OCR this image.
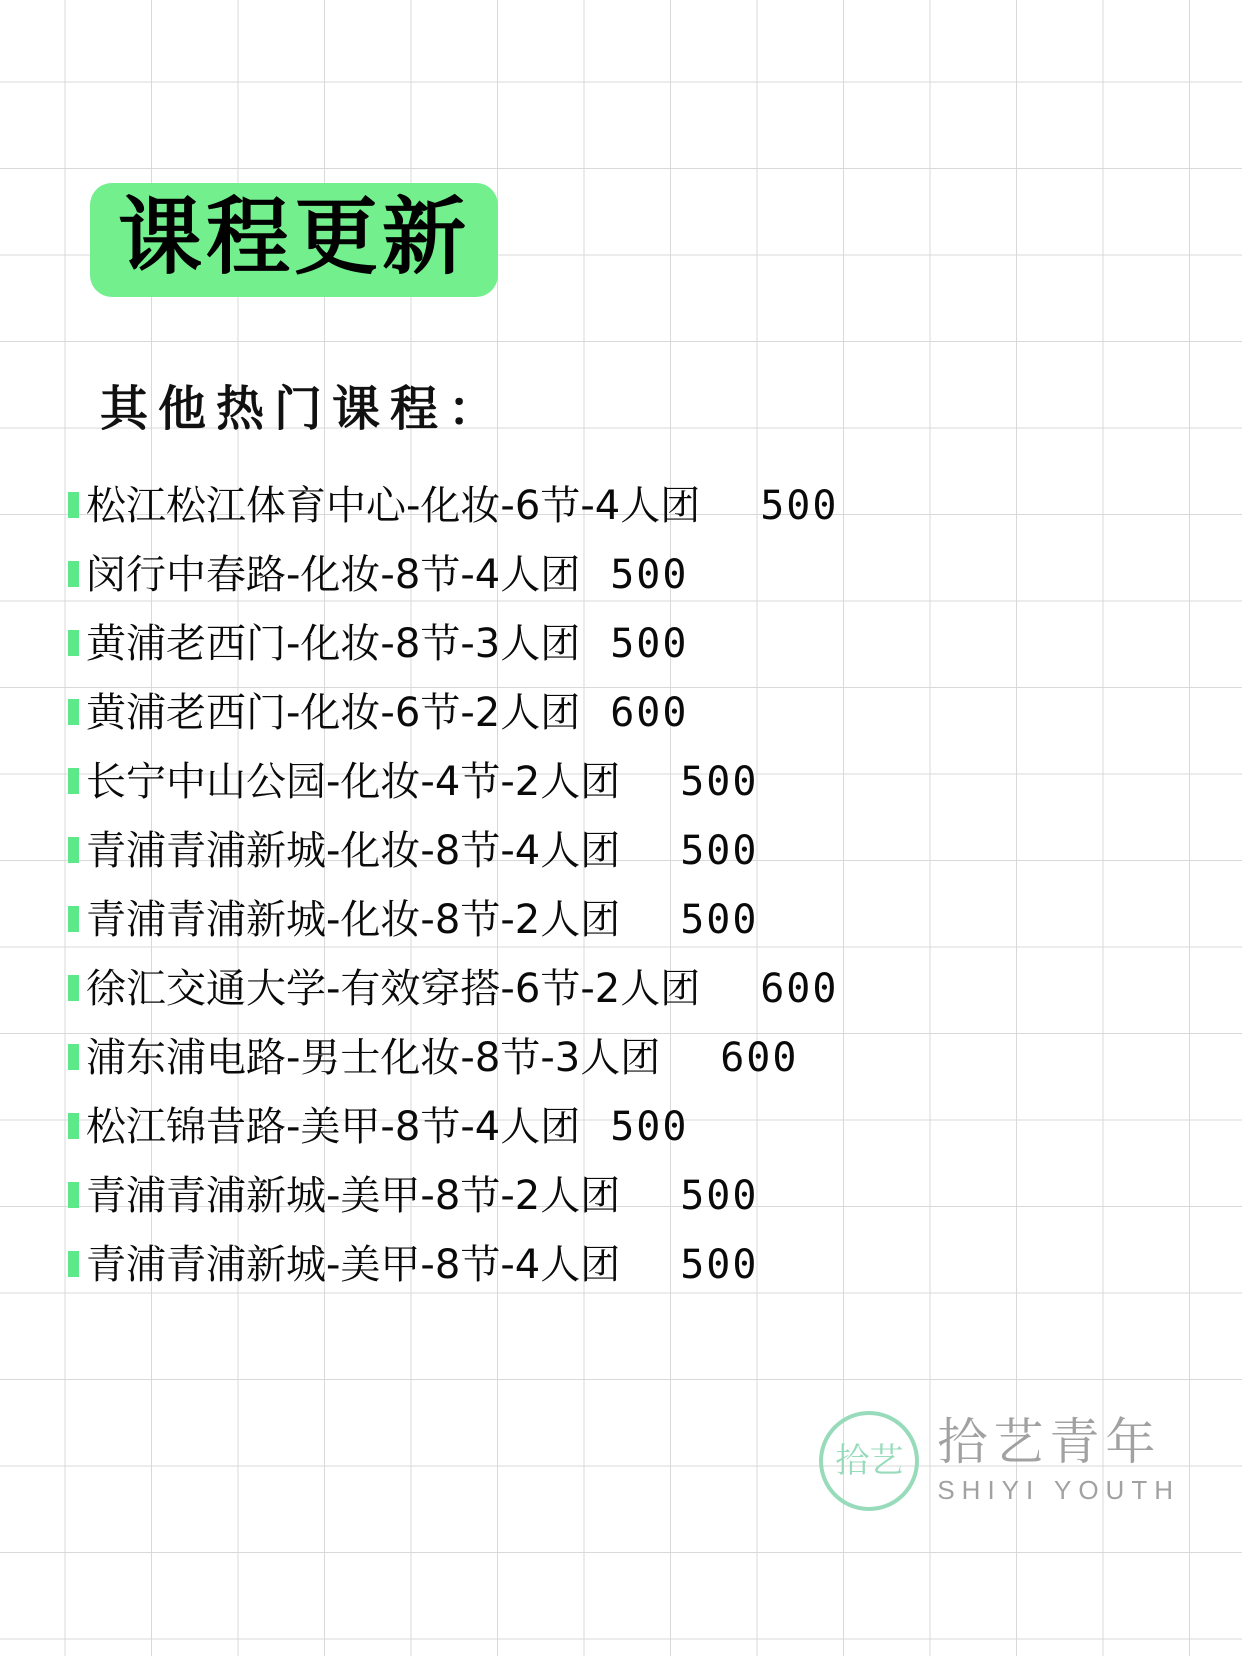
课程更新
其他热门课程：
松江松江体育中心-化妆-6节-4人团 500
闵行中春路-化妆-8节-4人团 500
黄浦老西门-化妆-8节-3人团 500
黄浦老西门-化妆-6节-2人团 600
长宁中山公园-化妆-4节-2人团 500
青浦青浦新城-化妆-8节-4人团 500
青浦青浦新城-化妆-8节-2人团 500
徐汇交通大学-有效穿搭-6节-2人团 600
浦东浦电路-男士化妆-8节-3人团 600
松江锦昔路-美甲-8节-4人团 500
青浦青浦新城-美甲-8节-2人团 500
青浦青浦新城-美甲-8节-4人团 500
拾艺 拾艺青年
SHIYI YOUTH
